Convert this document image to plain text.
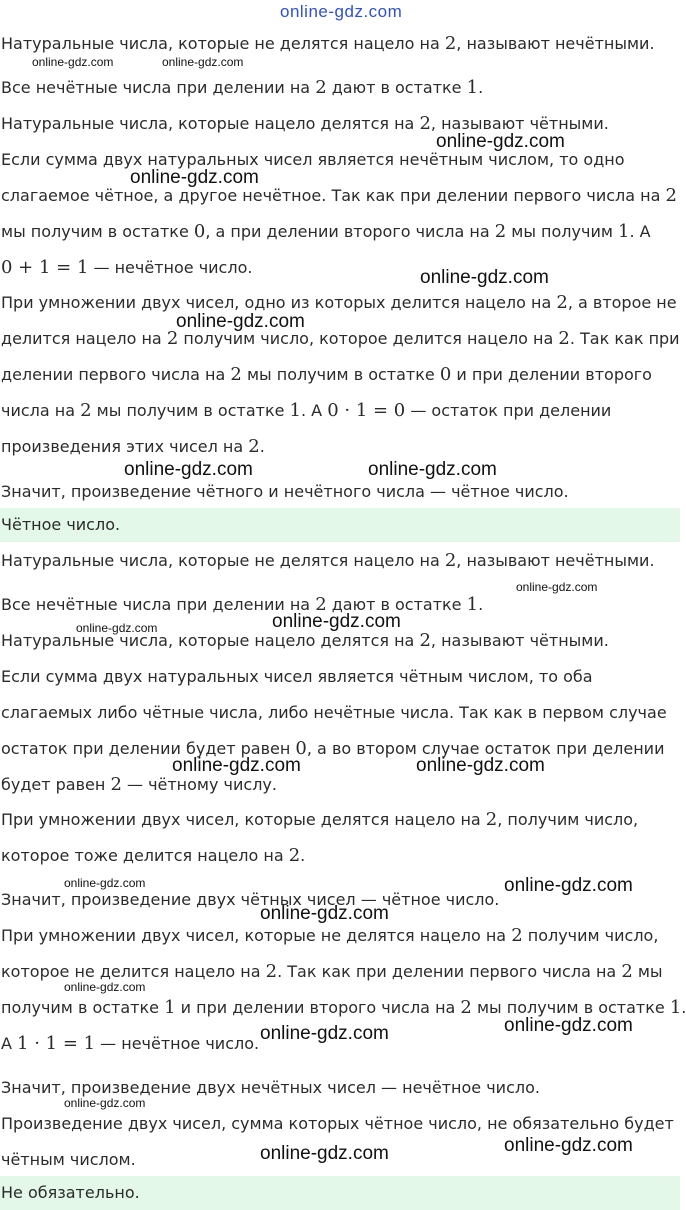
online-gdz.com
online-gdz.com	online-gdz.com
online-gdz.com
online-gdz.com
online-gdz.com
online-gdz.com
online-gdz.com	online-gdz.com
online-gdz.com
online-gdz.com	online-gdz.com
online-gdz.com	online-gdz.com
online-gdz.com	online-gdz.com
online-gdz.com
online-gdz.com
online-gdz.com
online-gdz.com
online-gdz.com
online-gdz.com
online-gdz.com

Натуральные числа, которые не делятся нацело на 2, называют нечётными.

Все нечётные числа при делении на 2 дают в остатке 1.

Натуральные числа, которые нацело делятся на 2, называют чётными.

Если сумма двух натуральных чисел является нечётным числом, то одно

слагаемое чётное, а другое нечётное. Так как при делении первого числа на 2

мы получим в остатке 0, а при делении второго числа на 2 мы получим 1. А

0 + 1 = 1 — нечётное число.

При умножении двух чисел, одно из которых делится нацело на 2, а второе не

делится нацело на 2 получим число, которое делится нацело на 2. Так как при

делении первого числа на 2 мы получим в остатке 0 и при делении второго

числа на 2 мы получим в остатке 1. А 0 · 1 = 0 — остаток при делении

произведения этих чисел на 2.

Значит, произведение чётного и нечётного числа — чётное число.

Чётное число.

Натуральные числа, которые не делятся нацело на 2, называют нечётными.

Все нечётные числа при делении на 2 дают в остатке 1.

Натуральные числа, которые нацело делятся на 2, называют чётными.

Если сумма двух натуральных чисел является чётным числом, то оба

слагаемых либо чётные числа, либо нечётные числа. Так как в первом случае

остаток при делении будет равен 0, а во втором случае остаток при делении

будет равен 2 — чётному числу.

При умножении двух чисел, которые делятся нацело на 2, получим число,

которое тоже делится нацело на 2.

Значит, произведение двух чётных чисел — чётное число.

При умножении двух чисел, которые не делятся нацело на 2 получим число,

которое не делится нацело на 2. Так как при делении первого числа на 2 мы

получим в остатке 1 и при делении второго числа на 2 мы получим в остатке 1.

А 1 · 1 = 1 — нечётное число.

Значит, произведение двух нечётных чисел — нечётное число.

Произведение двух чисел, сумма которых чётное число, не обязательно будет

чётным числом.

Не обязательно.
